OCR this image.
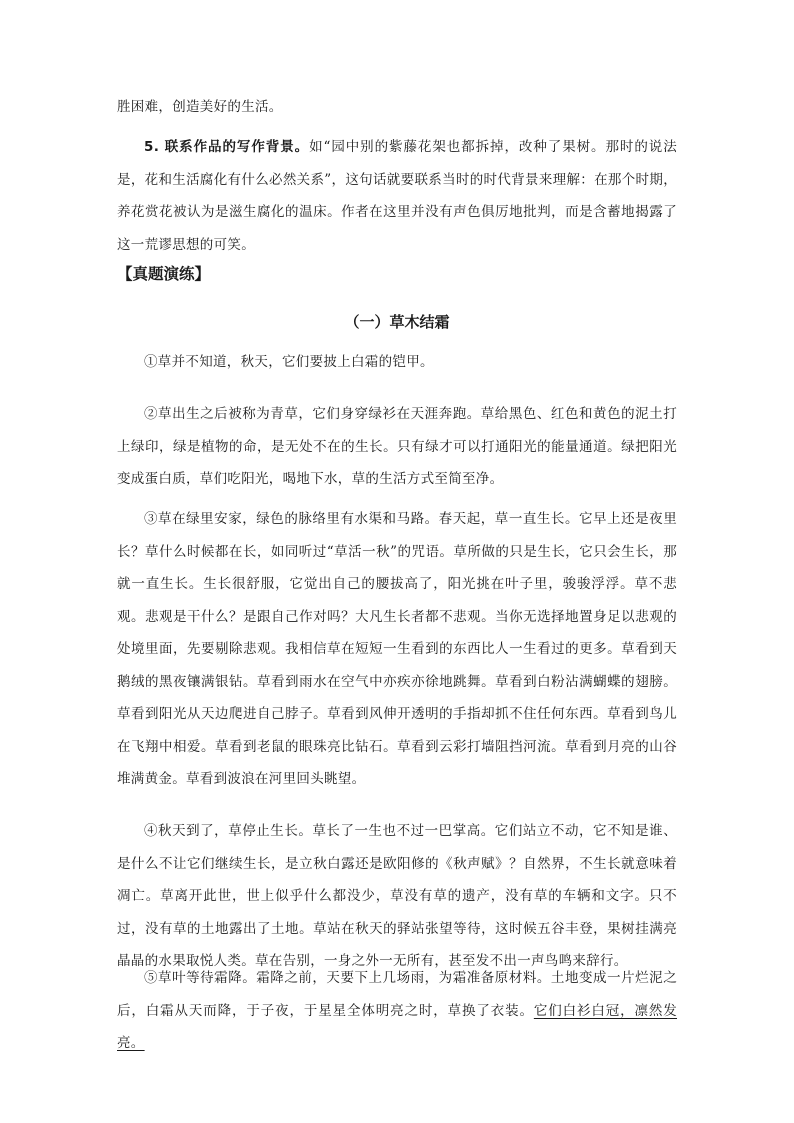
胜困难，创造美好的生活。
5. 联系作品的写作背景。如“园中别的紫藤花架也都拆掉，改种了果树。那时的说法是，花和生活腐化有什么必然关系”，这句话就要联系当时的时代背景来理解：在那个时期，养花赏花被认为是滋生腐化的温床。作者在这里并没有声色俱厉地批判，而是含蓄地揭露了这一荒谬思想的可笑。
【真题演练】
（一）草木结霜
①草并不知道，秋天，它们要披上白霜的铠甲。
②草出生之后被称为青草，它们身穿绿衫在天涯奔跑。草给黑色、红色和黄色的泥土打上绿印，绿是植物的命，是无处不在的生长。只有绿才可以打通阳光的能量通道。绿把阳光变成蛋白质，草们吃阳光，喝地下水，草的生活方式至简至净。
③草在绿里安家，绿色的脉络里有水渠和马路。春天起，草一直生长。它早上还是夜里长？草什么时候都在长，如同听过“草活一秋”的咒语。草所做的只是生长，它只会生长，那就一直生长。生长很舒服，它觉出自己的腰拔高了，阳光挑在叶子里，骏骏浮浮。草不悲观。悲观是干什么？是跟自己作对吗？大凡生长者都不悲观。当你无选择地置身足以悲观的处境里面，先要剔除悲观。我相信草在短短一生看到的东西比人一生看过的更多。草看到天鹅绒的黑夜镶满银钻。草看到雨水在空气中亦疾亦徐地跳舞。草看到白粉沾满蝴蝶的翅膀。草看到阳光从天边爬进自己脖子。草看到风伸开透明的手指却抓不住任何东西。草看到鸟儿在飞翔中相爱。草看到老鼠的眼珠亮比钻石。草看到云彩打墙阻挡河流。草看到月亮的山谷堆满黄金。草看到波浪在河里回头眺望。
④秋天到了，草停止生长。草长了一生也不过一巴掌高。它们站立不动，它不知是谁、是什么不让它们继续生长，是立秋白露还是欧阳修的《秋声赋》？自然界，不生长就意味着凋亡。草离开此世，世上似乎什么都没少，草没有草的遗产，没有草的车辆和文字。只不过，没有草的土地露出了土地。草站在秋天的驿站张望等待，这时候五谷丰登，果树挂满亮晶晶的水果取悦人类。草在告别，一身之外一无所有，甚至发不出一声鸟鸣来辞行。
⑤草叶等待霜降。霜降之前，天要下上几场雨，为霜准备原材料。土地变成一片烂泥之后，白霜从天而降，于子夜，于星星全体明亮之时，草换了衣装。它们白衫白冠，凛然发亮。
